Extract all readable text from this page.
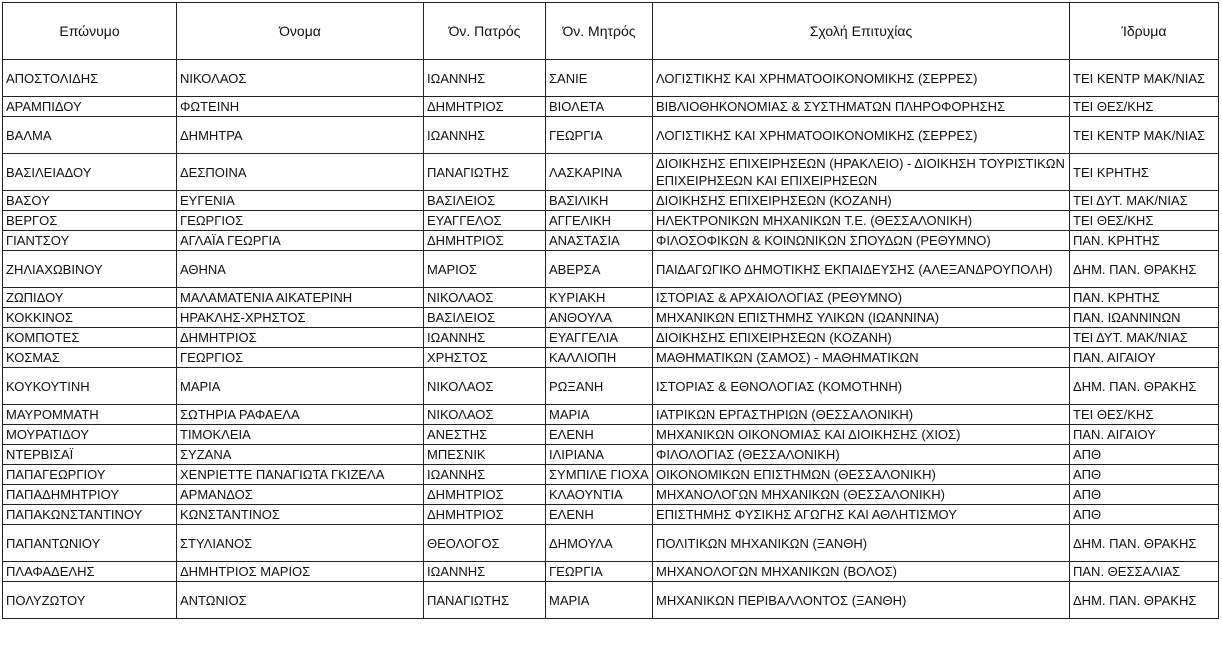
Επώνυμο	Όνομα	Όν. Πατρός	Όν. Μητρός	Σχολή Επιτυχίας	Ίδρυμα
ΑΠΟΣΤΟΛΙΔΗΣ	ΝΙΚΟΛΑΟΣ	ΙΩΑΝΝΗΣ	ΣΑΝΙΕ	ΛΟΓΙΣΤΙΚΗΣ ΚΑΙ ΧΡΗΜΑΤΟΟΙΚΟΝΟΜΙΚΗΣ (ΣΕΡΡΕΣ)	ΤΕΙ ΚΕΝΤΡ ΜΑΚ/ΝΙΑΣ
ΑΡΑΜΠΙΔΟΥ	ΦΩΤΕΙΝΗ	ΔΗΜΗΤΡΙΟΣ	ΒΙΟΛΕΤΑ	ΒΙΒΛΙΟΘΗΚΟΝΟΜΙΑΣ & ΣΥΣΤΗΜΑΤΩΝ ΠΛΗΡΟΦΟΡΗΣΗΣ	ΤΕΙ ΘΕΣ/ΚΗΣ
ΒΑΛΜΑ	ΔΗΜΗΤΡΑ	ΙΩΑΝΝΗΣ	ΓΕΩΡΓΙΑ	ΛΟΓΙΣΤΙΚΗΣ ΚΑΙ ΧΡΗΜΑΤΟΟΙΚΟΝΟΜΙΚΗΣ (ΣΕΡΡΕΣ)	ΤΕΙ ΚΕΝΤΡ ΜΑΚ/ΝΙΑΣ
ΒΑΣΙΛΕΙΑΔΟΥ	ΔΕΣΠΟΙΝΑ	ΠΑΝΑΓΙΩΤΗΣ	ΛΑΣΚΑΡΙΝΑ	ΔΙΟΙΚΗΣΗΣ ΕΠΙΧΕΙΡΗΣΕΩΝ (ΗΡΑΚΛΕΙΟ) - ΔΙΟΙΚΗΣΗ ΤΟΥΡΙΣΤΙΚΩΝ ΕΠΙΧΕΙΡΗΣΕΩΝ ΚΑΙ ΕΠΙΧΕΙΡΗΣΕΩΝ	ΤΕΙ ΚΡΗΤΗΣ
ΒΑΣΟΥ	ΕΥΓΕΝΙΑ	ΒΑΣΙΛΕΙΟΣ	ΒΑΣΙΛΙΚΗ	ΔΙΟΙΚΗΣΗΣ ΕΠΙΧΕΙΡΗΣΕΩΝ (ΚΟΖΑΝΗ)	ΤΕΙ ΔΥΤ. ΜΑΚ/ΝΙΑΣ
ΒΕΡΓΟΣ	ΓΕΩΡΓΙΟΣ	ΕΥΑΓΓΕΛΟΣ	ΑΓΓΕΛΙΚΗ	ΗΛΕΚΤΡΟΝΙΚΩΝ ΜΗΧΑΝΙΚΩΝ Τ.Ε. (ΘΕΣΣΑΛΟΝΙΚΗ)	ΤΕΙ ΘΕΣ/ΚΗΣ
ΓΙΑΝΤΣΟΥ	ΑΓΛΑΪΑ ΓΕΩΡΓΙΑ	ΔΗΜΗΤΡΙΟΣ	ΑΝΑΣΤΑΣΙΑ	ΦΙΛΟΣΟΦΙΚΩΝ & ΚΟΙΝΩΝΙΚΩΝ ΣΠΟΥΔΩΝ (ΡΕΘΥΜΝΟ)	ΠΑΝ. ΚΡΗΤΗΣ
ΖΗΛΙΑΧΩΒΙΝΟΥ	ΑΘΗΝΑ	ΜΑΡΙΟΣ	ΑΒΕΡΣΑ	ΠΑΙΔΑΓΩΓΙΚΟ ΔΗΜΟΤΙΚΗΣ ΕΚΠΑΙΔΕΥΣΗΣ (ΑΛΕΞΑΝΔΡΟΥΠΟΛΗ)	ΔΗΜ. ΠΑΝ. ΘΡΑΚΗΣ
ΖΩΠΙΔΟΥ	ΜΑΛΑΜΑΤΕΝΙΑ ΑΙΚΑΤΕΡΙΝΗ	ΝΙΚΟΛΑΟΣ	ΚΥΡΙΑΚΗ	ΙΣΤΟΡΙΑΣ & ΑΡΧΑΙΟΛΟΓΙΑΣ (ΡΕΘΥΜΝΟ)	ΠΑΝ. ΚΡΗΤΗΣ
ΚΟΚΚΙΝΟΣ	ΗΡΑΚΛΗΣ-ΧΡΗΣΤΟΣ	ΒΑΣΙΛΕΙΟΣ	ΑΝΘΟΥΛΑ	ΜΗΧΑΝΙΚΩΝ ΕΠΙΣΤΗΜΗΣ ΥΛΙΚΩΝ (ΙΩΑΝΝΙΝΑ)	ΠΑΝ. ΙΩΑΝΝΙΝΩΝ
ΚΟΜΠΟΤΕΣ	ΔΗΜΗΤΡΙΟΣ	ΙΩΑΝΝΗΣ	ΕΥΑΓΓΕΛΙΑ	ΔΙΟΙΚΗΣΗΣ ΕΠΙΧΕΙΡΗΣΕΩΝ (ΚΟΖΑΝΗ)	ΤΕΙ ΔΥΤ. ΜΑΚ/ΝΙΑΣ
ΚΟΣΜΑΣ	ΓΕΩΡΓΙΟΣ	ΧΡΗΣΤΟΣ	ΚΑΛΛΙΟΠΗ	ΜΑΘΗΜΑΤΙΚΩΝ (ΣΑΜΟΣ) - ΜΑΘΗΜΑΤΙΚΩΝ	ΠΑΝ. ΑΙΓΑΙΟΥ
ΚΟΥΚΟΥΤΙΝΗ	ΜΑΡΙΑ	ΝΙΚΟΛΑΟΣ	ΡΩΞΑΝΗ	ΙΣΤΟΡΙΑΣ & ΕΘΝΟΛΟΓΙΑΣ (ΚΟΜΟΤΗΝΗ)	ΔΗΜ. ΠΑΝ. ΘΡΑΚΗΣ
ΜΑΥΡΟΜΜΑΤΗ	ΣΩΤΗΡΙΑ ΡΑΦΑΕΛΑ	ΝΙΚΟΛΑΟΣ	ΜΑΡΙΑ	ΙΑΤΡΙΚΩΝ ΕΡΓΑΣΤΗΡΙΩΝ (ΘΕΣΣΑΛΟΝΙΚΗ)	ΤΕΙ ΘΕΣ/ΚΗΣ
ΜΟΥΡΑΤΙΔΟΥ	ΤΙΜΟΚΛΕΙΑ	ΑΝΕΣΤΗΣ	ΕΛΕΝΗ	ΜΗΧΑΝΙΚΩΝ ΟΙΚΟΝΟΜΙΑΣ ΚΑΙ ΔΙΟΙΚΗΣΗΣ (ΧΙΟΣ)	ΠΑΝ. ΑΙΓΑΙΟΥ
ΝΤΕΡΒΙΣΑΪ	ΣΥΖΑΝΑ	ΜΠΕΣΝΙΚ	ΙΛΙΡΙΑΝΑ	ΦΙΛΟΛΟΓΙΑΣ (ΘΕΣΣΑΛΟΝΙΚΗ)	ΑΠΘ
ΠΑΠΑΓΕΩΡΓΙΟΥ	ΧΕΝΡΙΕΤΤΕ ΠΑΝΑΓΙΩΤΑ ΓΚΙΖΕΛΑ	ΙΩΑΝΝΗΣ	ΣΥΜΠΙΛΕ ΓΙΟΧΑ	ΟΙΚΟΝΟΜΙΚΩΝ ΕΠΙΣΤΗΜΩΝ (ΘΕΣΣΑΛΟΝΙΚΗ)	ΑΠΘ
ΠΑΠΑΔΗΜΗΤΡΙΟΥ	ΑΡΜΑΝΔΟΣ	ΔΗΜΗΤΡΙΟΣ	ΚΛΑΟΥΝΤΙΑ	ΜΗΧΑΝΟΛΟΓΩΝ ΜΗΧΑΝΙΚΩΝ (ΘΕΣΣΑΛΟΝΙΚΗ)	ΑΠΘ
ΠΑΠΑΚΩΝΣΤΑΝΤΙΝΟΥ	ΚΩΝΣΤΑΝΤΙΝΟΣ	ΔΗΜΗΤΡΙΟΣ	ΕΛΕΝΗ	ΕΠΙΣΤΗΜΗΣ ΦΥΣΙΚΗΣ ΑΓΩΓΗΣ ΚΑΙ ΑΘΛΗΤΙΣΜΟΥ	ΑΠΘ
ΠΑΠΑΝΤΩΝΙΟΥ	ΣΤΥΛΙΑΝΟΣ	ΘΕΟΛΟΓΟΣ	ΔΗΜΟΥΛΑ	ΠΟΛΙΤΙΚΩΝ ΜΗΧΑΝΙΚΩΝ (ΞΑΝΘΗ)	ΔΗΜ. ΠΑΝ. ΘΡΑΚΗΣ
ΠΛΑΦΑΔΕΛΗΣ	ΔΗΜΗΤΡΙΟΣ ΜΑΡΙΟΣ	ΙΩΑΝΝΗΣ	ΓΕΩΡΓΙΑ	ΜΗΧΑΝΟΛΟΓΩΝ ΜΗΧΑΝΙΚΩΝ (ΒΟΛΟΣ)	ΠΑΝ. ΘΕΣΣΑΛΙΑΣ
ΠΟΛΥΖΩΤΟΥ	ΑΝΤΩΝΙΟΣ	ΠΑΝΑΓΙΩΤΗΣ	ΜΑΡΙΑ	ΜΗΧΑΝΙΚΩΝ ΠΕΡΙΒΑΛΛΟΝΤΟΣ (ΞΑΝΘΗ)	ΔΗΜ. ΠΑΝ. ΘΡΑΚΗΣ
